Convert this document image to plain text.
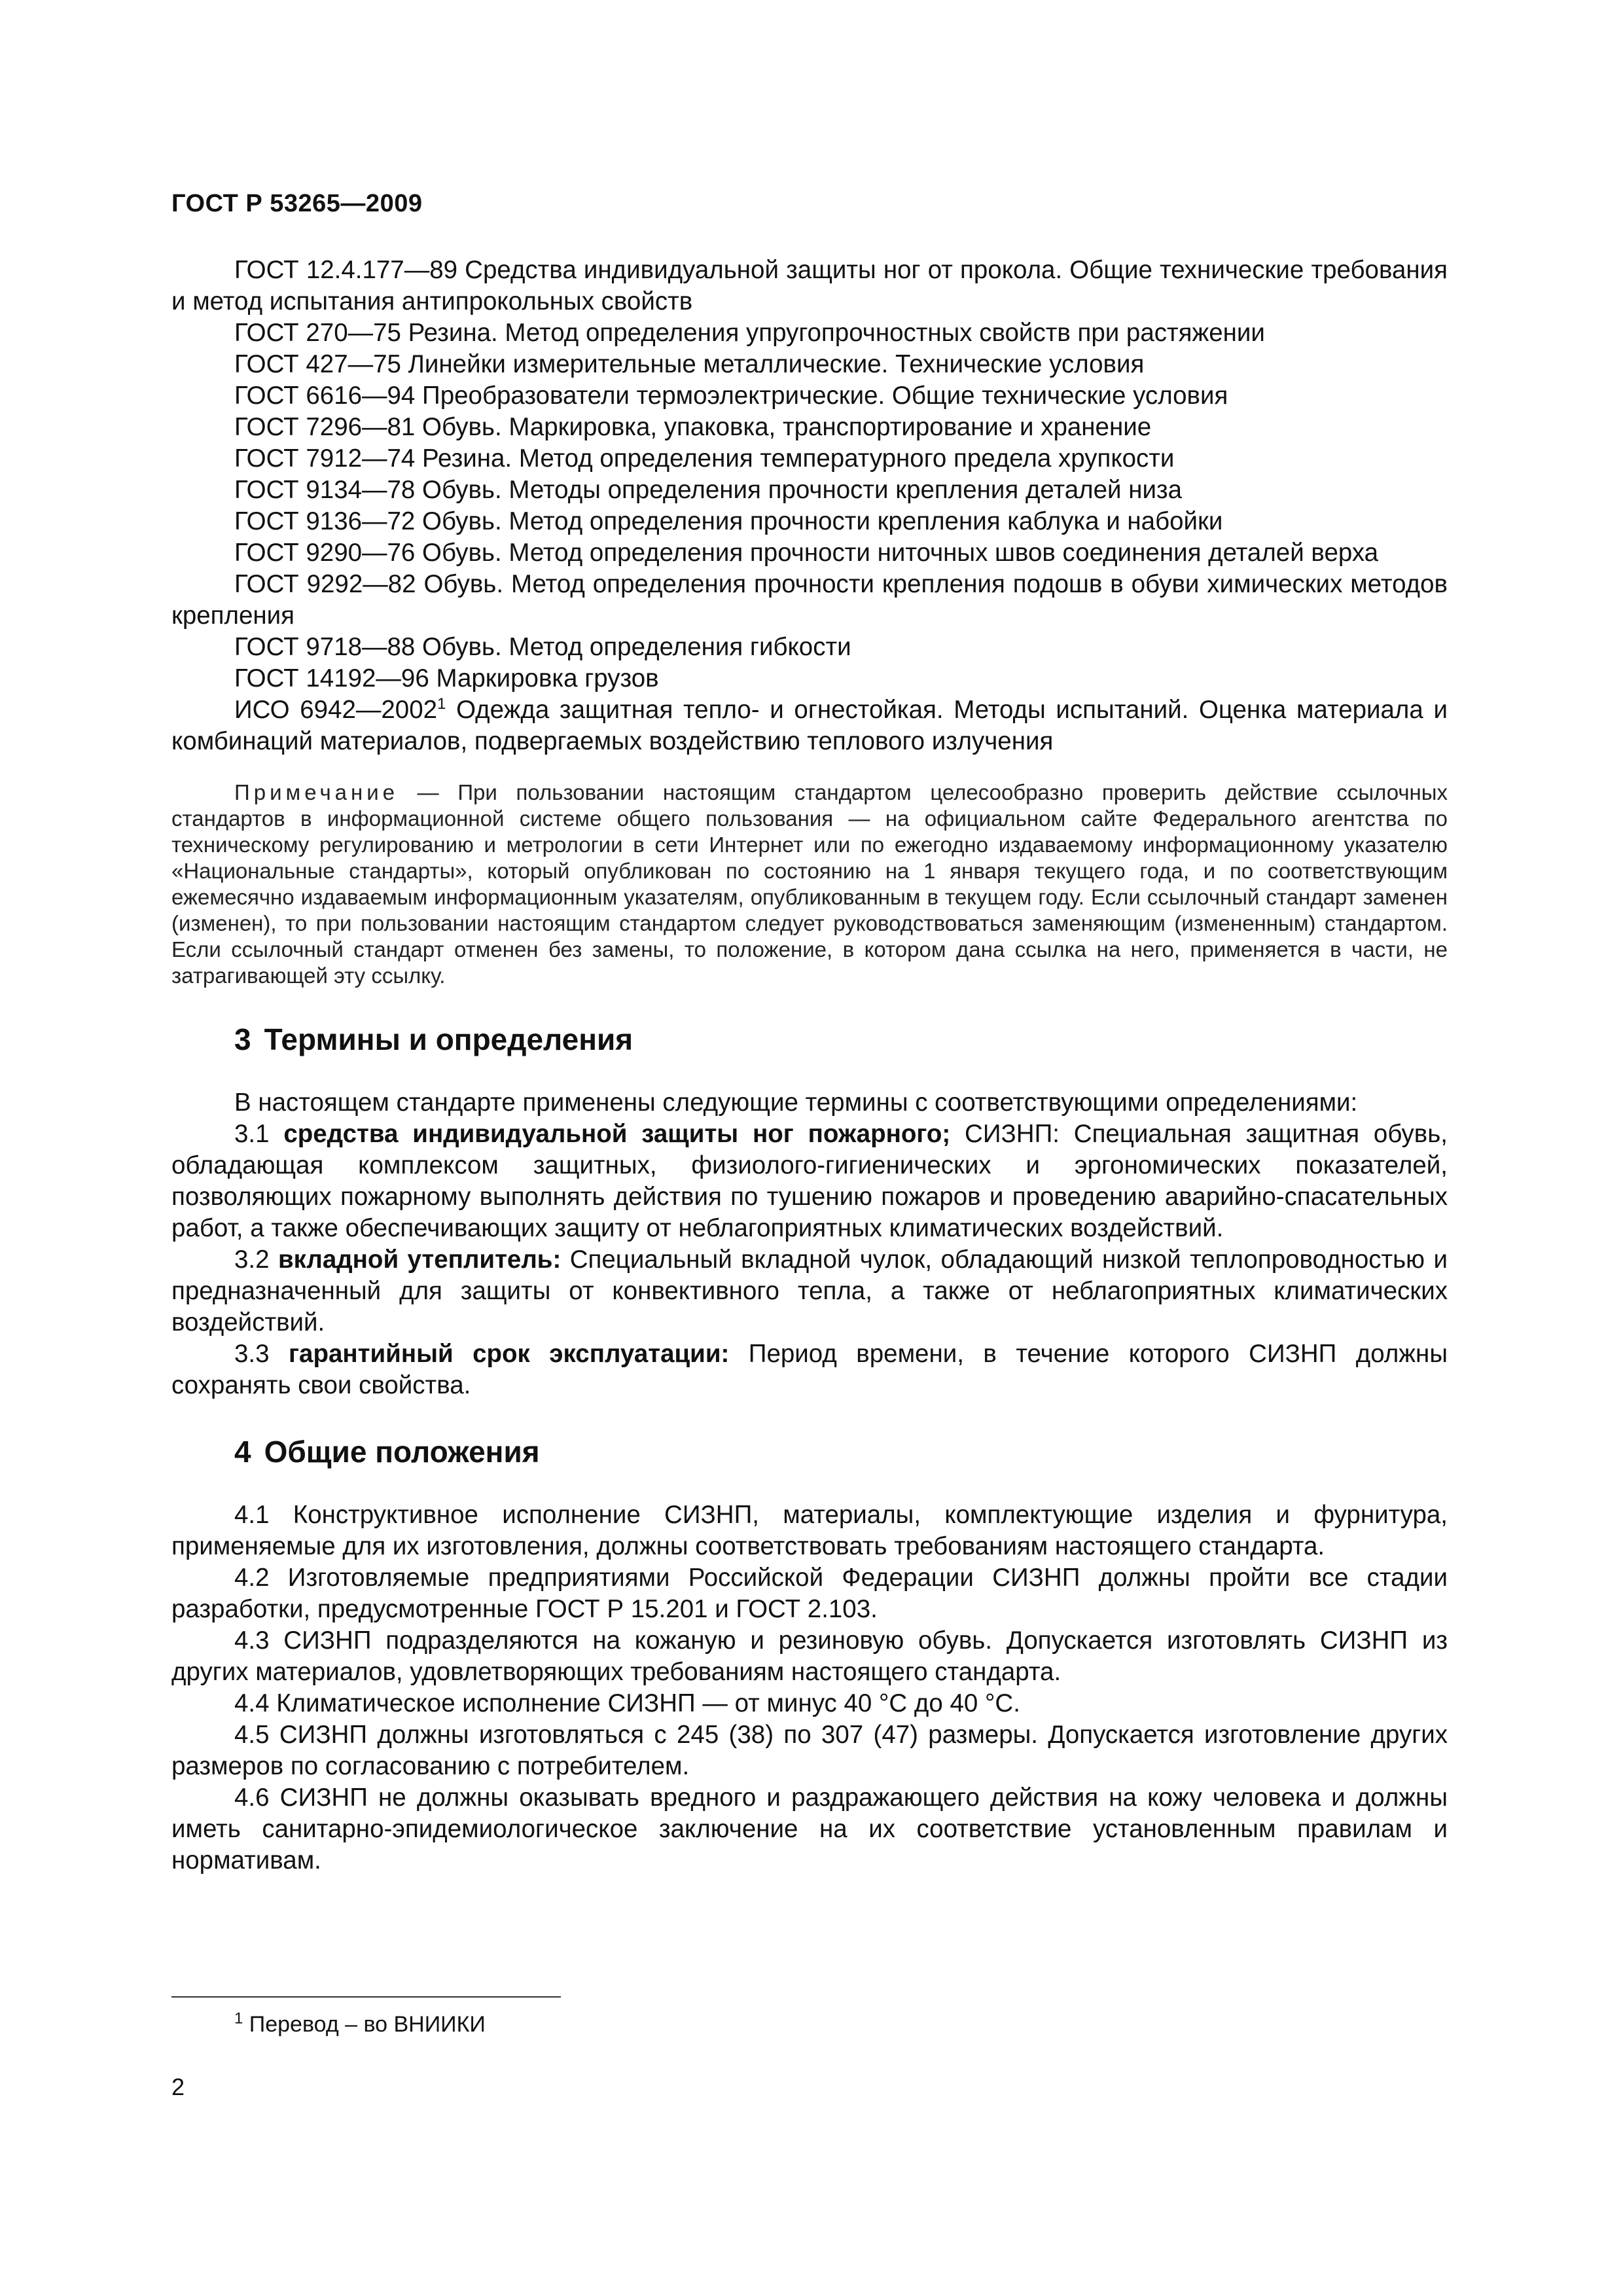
ГОСТ Р 53265—2009

ГОСТ 12.4.177—89 Средства индивидуальной защиты ног от прокола. Общие технические требования и метод испытания антипрокольных свойств

ГОСТ 270—75 Резина. Метод определения упругопрочностных свойств при растяжении

ГОСТ 427—75 Линейки измерительные металлические. Технические условия

ГОСТ 6616—94 Преобразователи термоэлектрические. Общие технические условия

ГОСТ 7296—81 Обувь. Маркировка, упаковка, транспортирование и хранение

ГОСТ 7912—74 Резина. Метод определения температурного предела хрупкости

ГОСТ 9134—78 Обувь. Методы определения прочности крепления деталей низа

ГОСТ 9136—72 Обувь. Метод определения прочности крепления каблука и набойки

ГОСТ 9290—76 Обувь. Метод определения прочности ниточных швов соединения деталей верха

ГОСТ 9292—82 Обувь. Метод определения прочности крепления подошв в обуви химических методов крепления

ГОСТ 9718—88 Обувь. Метод определения гибкости

ГОСТ 14192—96 Маркировка грузов

ИСО 6942—2002$^1$ Одежда защитная тепло- и огнестойкая. Методы испытаний. Оценка материала и комбинаций материалов, подвергаемых воздействию теплового излучения

Примечание — При пользовании настоящим стандартом целесообразно проверить действие ссылочных стандартов в информационной системе общего пользования — на официальном сайте Федерального агентства по техническому регулированию и метрологии в сети Интернет или по ежегодно издаваемому информационному указателю «Национальные стандарты», который опубликован по состоянию на 1 января текущего года, и по соответствующим ежемесячно издаваемым информационным указателям, опубликованным в текущем году. Если ссылочный стандарт заменен (изменен), то при пользовании настоящим стандартом следует руководствоваться заменяющим (измененным) стандартом. Если ссылочный стандарт отменен без замены, то положение, в котором дана ссылка на него, применяется в части, не затрагивающей эту ссылку.

3 Термины и определения

В настоящем стандарте применены следующие термины с соответствующими определениями:

3.1 средства индивидуальной защиты ног пожарного; СИЗНП: Специальная защитная обувь, обладающая комплексом защитных, физиолого-гигиенических и эргономических показателей, позволяющих пожарному выполнять действия по тушению пожаров и проведению аварийно-спасательных работ, а также обеспечивающих защиту от неблагоприятных климатических воздействий.

3.2 вкладной утеплитель: Специальный вкладной чулок, обладающий низкой теплопроводностью и предназначенный для защиты от конвективного тепла, а также от неблагоприятных климатических воздействий.

3.3 гарантийный срок эксплуатации: Период времени, в течение которого СИЗНП должны сохранять свои свойства.

4 Общие положения

4.1 Конструктивное исполнение СИЗНП, материалы, комплектующие изделия и фурнитура, применяемые для их изготовления, должны соответствовать требованиям настоящего стандарта.

4.2 Изготовляемые предприятиями Российской Федерации СИЗНП должны пройти все стадии разработки, предусмотренные ГОСТ Р 15.201 и ГОСТ 2.103.

4.3 СИЗНП подразделяются на кожаную и резиновую обувь. Допускается изготовлять СИЗНП из других материалов, удовлетворяющих требованиям настоящего стандарта.

4.4 Климатическое исполнение СИЗНП — от минус 40 °С до 40 °С.

4.5 СИЗНП должны изготовляться с 245 (38) по 307 (47) размеры. Допускается изготовление других размеров по согласованию с потребителем.

4.6 СИЗНП не должны оказывать вредного и раздражающего действия на кожу человека и должны иметь санитарно-эпидемиологическое заключение на их соответствие установленным правилам и нормативам.

$^1$ Перевод – во ВНИИКИ
2
